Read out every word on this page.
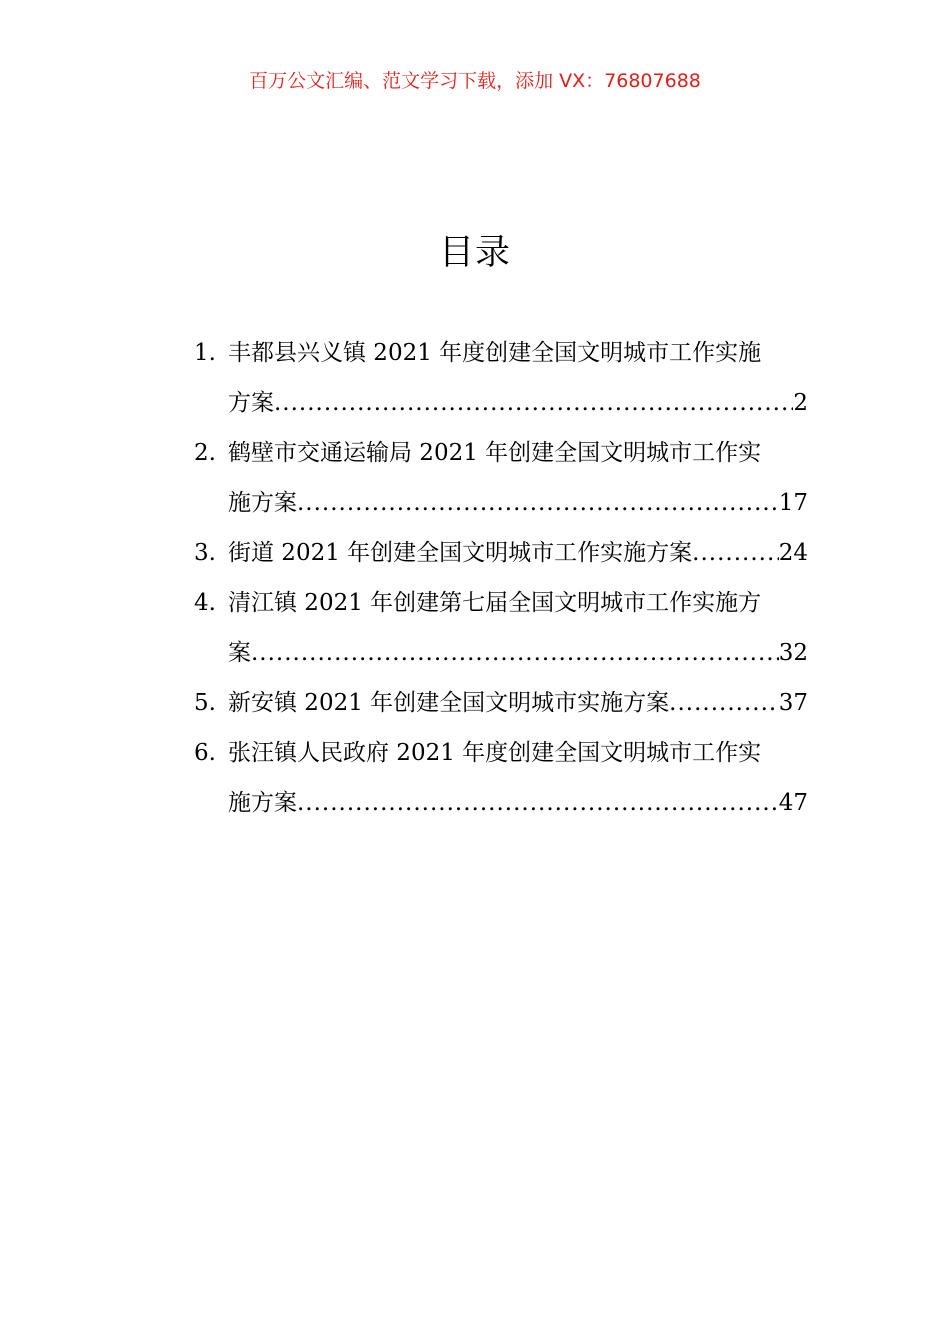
百万公文汇编、范文学习下载，添加 VX：76807688
目录
1. 丰都县兴义镇 2021 年度创建全国文明城市工作实施
方案 .....	2
2. 鹤壁市交通运输局 2021 年创建全国文明城市工作实
施方案 .....	17
3. 街道 2021 年创建全国文明城市工作实施方案 .....	24
4. 清江镇 2021 年创建第七届全国文明城市工作实施方
案 .....	32
5. 新安镇 2021 年创建全国文明城市实施方案 .....	37
6. 张汪镇人民政府 2021 年度创建全国文明城市工作实
施方案 .....	47
